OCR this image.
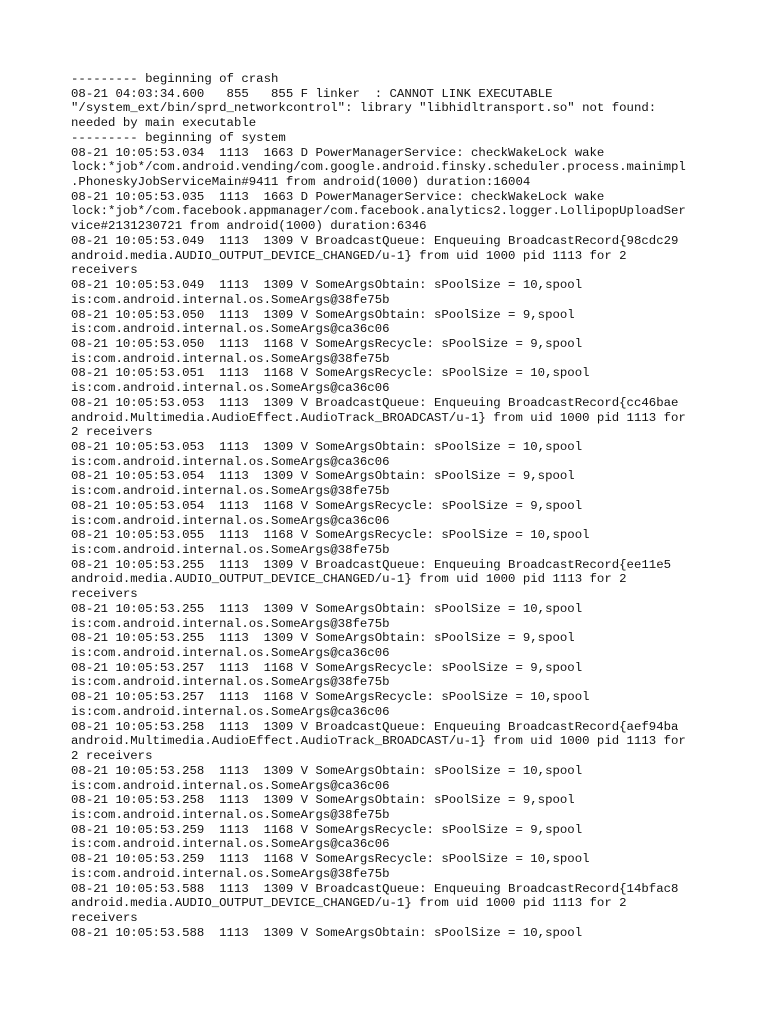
--------- beginning of crash
08-21 04:03:34.600   855   855 F linker  : CANNOT LINK EXECUTABLE
"/system_ext/bin/sprd_networkcontrol": library "libhidltransport.so" not found:
needed by main executable
--------- beginning of system
08-21 10:05:53.034  1113  1663 D PowerManagerService: checkWakeLock wake
lock:*job*/com.android.vending/com.google.android.finsky.scheduler.process.mainimpl
.PhoneskyJobServiceMain#9411 from android(1000) duration:16004
08-21 10:05:53.035  1113  1663 D PowerManagerService: checkWakeLock wake
lock:*job*/com.facebook.appmanager/com.facebook.analytics2.logger.LollipopUploadSer
vice#2131230721 from android(1000) duration:6346
08-21 10:05:53.049  1113  1309 V BroadcastQueue: Enqueuing BroadcastRecord{98cdc29
android.media.AUDIO_OUTPUT_DEVICE_CHANGED/u-1} from uid 1000 pid 1113 for 2
receivers
08-21 10:05:53.049  1113  1309 V SomeArgsObtain: sPoolSize = 10,spool
is:com.android.internal.os.SomeArgs@38fe75b
08-21 10:05:53.050  1113  1309 V SomeArgsObtain: sPoolSize = 9,spool
is:com.android.internal.os.SomeArgs@ca36c06
08-21 10:05:53.050  1113  1168 V SomeArgsRecycle: sPoolSize = 9,spool
is:com.android.internal.os.SomeArgs@38fe75b
08-21 10:05:53.051  1113  1168 V SomeArgsRecycle: sPoolSize = 10,spool
is:com.android.internal.os.SomeArgs@ca36c06
08-21 10:05:53.053  1113  1309 V BroadcastQueue: Enqueuing BroadcastRecord{cc46bae
android.Multimedia.AudioEffect.AudioTrack_BROADCAST/u-1} from uid 1000 pid 1113 for
2 receivers
08-21 10:05:53.053  1113  1309 V SomeArgsObtain: sPoolSize = 10,spool
is:com.android.internal.os.SomeArgs@ca36c06
08-21 10:05:53.054  1113  1309 V SomeArgsObtain: sPoolSize = 9,spool
is:com.android.internal.os.SomeArgs@38fe75b
08-21 10:05:53.054  1113  1168 V SomeArgsRecycle: sPoolSize = 9,spool
is:com.android.internal.os.SomeArgs@ca36c06
08-21 10:05:53.055  1113  1168 V SomeArgsRecycle: sPoolSize = 10,spool
is:com.android.internal.os.SomeArgs@38fe75b
08-21 10:05:53.255  1113  1309 V BroadcastQueue: Enqueuing BroadcastRecord{ee11e5
android.media.AUDIO_OUTPUT_DEVICE_CHANGED/u-1} from uid 1000 pid 1113 for 2
receivers
08-21 10:05:53.255  1113  1309 V SomeArgsObtain: sPoolSize = 10,spool
is:com.android.internal.os.SomeArgs@38fe75b
08-21 10:05:53.255  1113  1309 V SomeArgsObtain: sPoolSize = 9,spool
is:com.android.internal.os.SomeArgs@ca36c06
08-21 10:05:53.257  1113  1168 V SomeArgsRecycle: sPoolSize = 9,spool
is:com.android.internal.os.SomeArgs@38fe75b
08-21 10:05:53.257  1113  1168 V SomeArgsRecycle: sPoolSize = 10,spool
is:com.android.internal.os.SomeArgs@ca36c06
08-21 10:05:53.258  1113  1309 V BroadcastQueue: Enqueuing BroadcastRecord{aef94ba
android.Multimedia.AudioEffect.AudioTrack_BROADCAST/u-1} from uid 1000 pid 1113 for
2 receivers
08-21 10:05:53.258  1113  1309 V SomeArgsObtain: sPoolSize = 10,spool
is:com.android.internal.os.SomeArgs@ca36c06
08-21 10:05:53.258  1113  1309 V SomeArgsObtain: sPoolSize = 9,spool
is:com.android.internal.os.SomeArgs@38fe75b
08-21 10:05:53.259  1113  1168 V SomeArgsRecycle: sPoolSize = 9,spool
is:com.android.internal.os.SomeArgs@ca36c06
08-21 10:05:53.259  1113  1168 V SomeArgsRecycle: sPoolSize = 10,spool
is:com.android.internal.os.SomeArgs@38fe75b
08-21 10:05:53.588  1113  1309 V BroadcastQueue: Enqueuing BroadcastRecord{14bfac8
android.media.AUDIO_OUTPUT_DEVICE_CHANGED/u-1} from uid 1000 pid 1113 for 2
receivers
08-21 10:05:53.588  1113  1309 V SomeArgsObtain: sPoolSize = 10,spool
